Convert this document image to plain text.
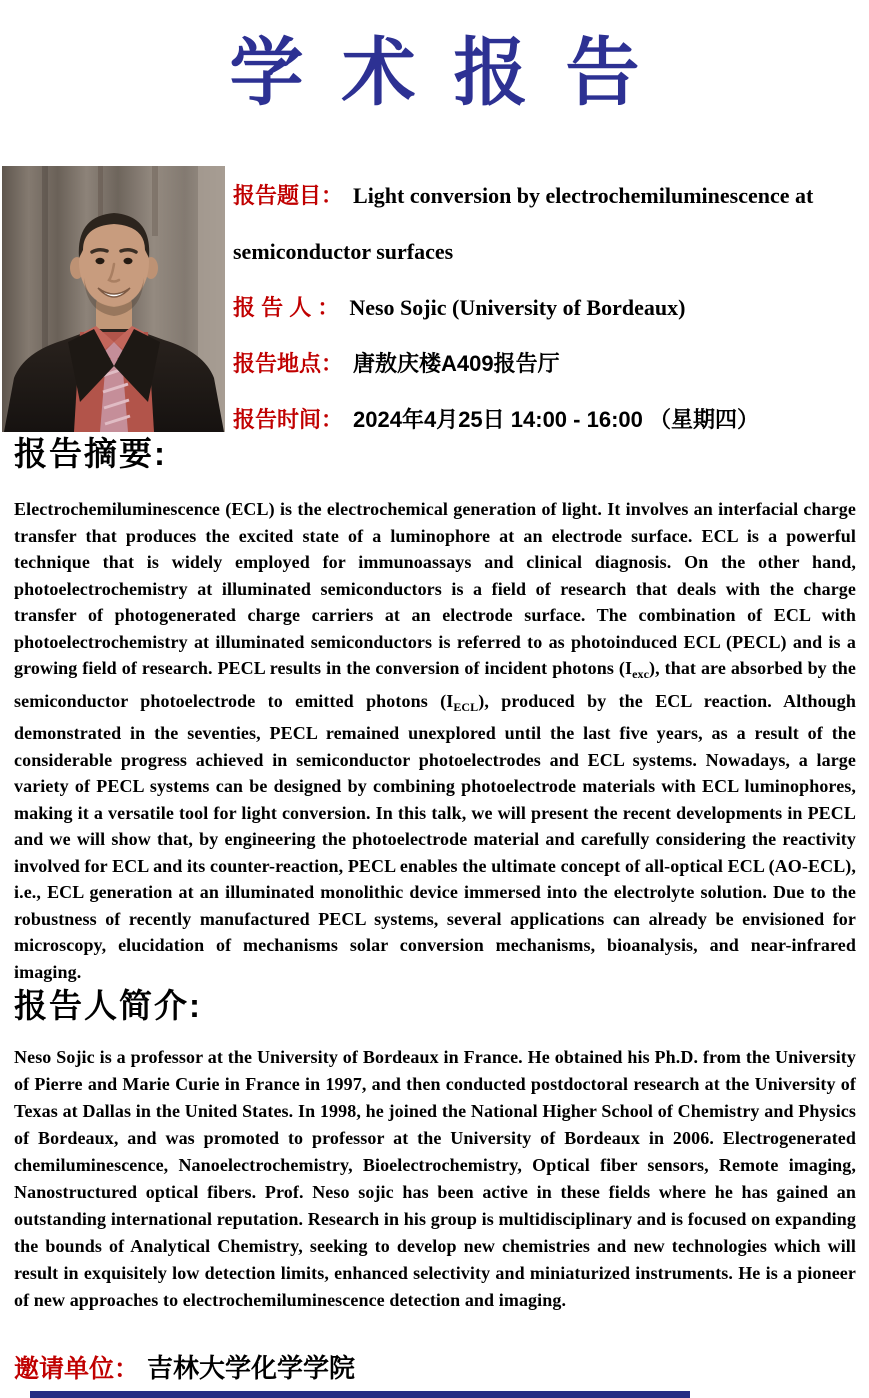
学术报告

报告题目： Light conversion by electrochemiluminescence at semiconductor surfaces

报 告 人 ： Neso Sojic (University of Bordeaux)

报告地点： 唐敖庆楼A409报告厅

报告时间： 2024年4月25日 14:00 - 16:00 （星期四）

报告摘要:
Electrochemiluminescence (ECL) is the electrochemical generation of light. It involves an interfacial charge transfer that produces the excited state of a luminophore at an electrode surface. ECL is a powerful technique that is widely employed for immunoassays and clinical diagnosis. On the other hand, photoelectrochemistry at illuminated semiconductors is a field of research that deals with the charge transfer of photogenerated charge carriers at an electrode surface. The combination of ECL with photoelectrochemistry at illuminated semiconductors is referred to as photoinduced ECL (PECL) and is a growing field of research. PECL results in the conversion of incident photons $(I_{exc})$, that are absorbed by the semiconductor photoelectrode to emitted photons $(I_{ECL})$, produced by the ECL reaction. Although demonstrated in the seventies, PECL remained unexplored until the last five years, as a result of the considerable progress achieved in semiconductor photoelectrodes and ECL systems. Nowadays, a large variety of PECL systems can be designed by combining photoelectrode materials with ECL luminophores, making it a versatile tool for light conversion. In this talk, we will present the recent developments in PECL and we will show that, by engineering the photoelectrode material and carefully considering the reactivity involved for ECL and its counter-reaction, PECL enables the ultimate concept of all-optical ECL (AO-ECL), i.e., ECL generation at an illuminated monolithic device immersed into the electrolyte solution. Due to the robustness of recently manufactured PECL systems, several applications can already be envisioned for microscopy, elucidation of mechanisms solar conversion mechanisms, bioanalysis, and near-infrared imaging.
报告人简介:
Neso Sojic is a professor at the University of Bordeaux in France. He obtained his Ph.D. from the University of Pierre and Marie Curie in France in 1997, and then conducted postdoctoral research at the University of Texas at Dallas in the United States. In 1998, he joined the National Higher School of Chemistry and Physics of Bordeaux, and was promoted to professor at the University of Bordeaux in 2006. Electrogenerated chemiluminescence, Nanoelectrochemistry, Bioelectrochemistry, Optical fiber sensors, Remote imaging, Nanostructured optical fibers. Prof. Neso sojic has been active in these fields where he has gained an outstanding international reputation. Research in his group is multidisciplinary and is focused on expanding the bounds of Analytical Chemistry, seeking to develop new chemistries and new technologies which will result in exquisitely low detection limits, enhanced selectivity and miniaturized instruments. He is a pioneer of new approaches to electrochemiluminescence detection and imaging.
邀请单位： 吉林大学化学学院
